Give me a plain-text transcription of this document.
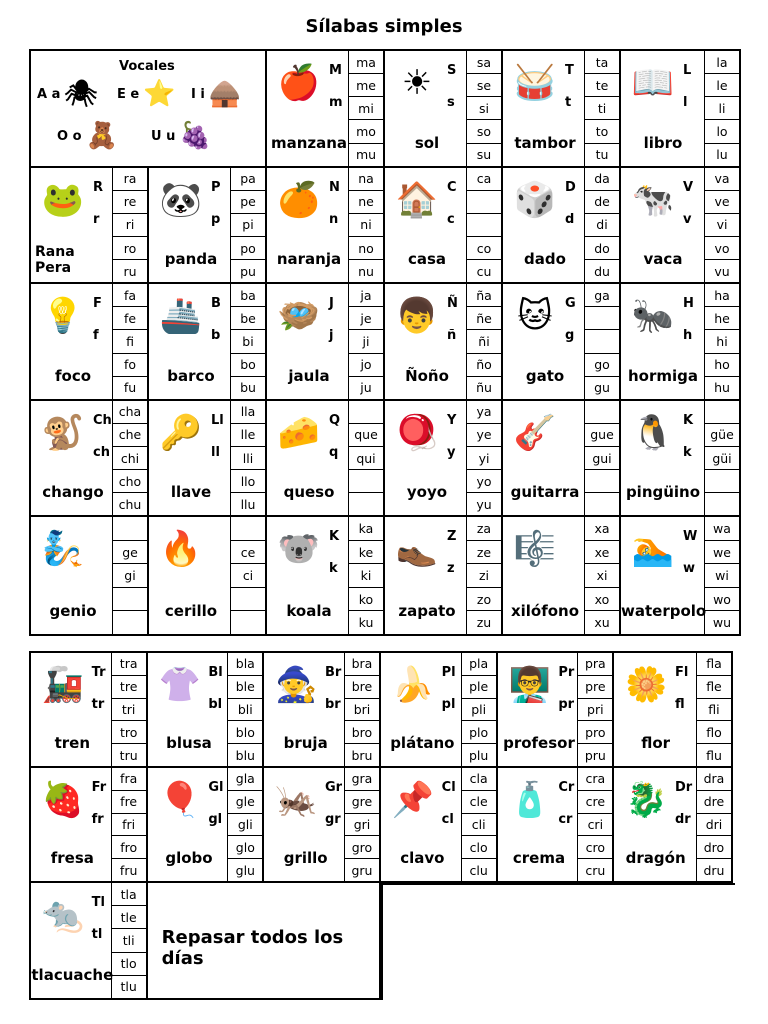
Sílabas simples
Vocales
A a 🕷 E e ⭐ I i 🛖
O o 🧸	U u 🍇
🍎 M
m
manzana
ma
me
mi
mo
mu
☀	S
s
sol
sa
se
si
so
su
🥁 T
t
tambor
ta
te
ti
to
tu
📖 L
l
libro
la
le
li
lo
lu
🐸 R
r
Rana
Pera
ra
re
ri
ro
ru
🐼 P
p
panda
pa
pe
pi
po
pu
🍊 N
n
naranja
na
ne
ni
no
nu
🏠 C
c
casa
ca
co
cu
🎲 D
d
dado
da
de
di
do
du
🐄 V
v
vaca
va
ve
vi
vo
vu
💡 F
f
foco
fa
fe
fi
fo
fu
🚢 B
b
barco
ba
be
bi
bo
bu
🪺 J
j
jaula
ja
je
ji
jo
ju
👦 Ñ
ñ
Ñoño
ña
ñe
ñi
ño
ñu
🐱 G
g
gato
ga
go
gu
🐜 H
h
hormiga
ha
he
hi
ho
hu
🐒 Ch
ch
chango
cha
che
chi
cho
chu
🔑 Ll
ll
llave
lla
lle
lli
llo
llu
🧀 Q
q
queso
que
qui
🪀 Y
y
yoyo
ya
ye
yi
yo
yu
🎸
guitarra
gue
gui
🐧 K
k
pingüino
güe
güi
🧞
genio
ge
gi
🔥
cerillo
ce
ci
🐨 K
k
koala
ka
ke
ki
ko
ku
👞 Z
z
zapato
za
ze
zi
zo
zu
🎼
xilófono
xa
xe
xi
xo
xu
🏊 W
w
waterpolo
wa
we
wi
wo
wu
🚂 Tr
tr
tren
tra
tre
tri
tro
tru
👚 Bl
bl
blusa
bla
ble
bli
blo
blu
🧙 Br
br
bruja
bra
bre
bri
bro
bru
🍌 Pl
pl
plátano
pla
ple
pli
plo
plu
👨‍🏫 Pr
pr
profesor
pra
pre
pri
pro
pru
🌼 Fl
fl
flor
fla
fle
fli
flo
flu
🍓 Fr
fr
fresa
fra
fre
fri
fro
fru
🎈 Gl
gl
globo
gla
gle
gli
glo
glu
🦗 Gr
gr
grillo
gra
gre
gri
gro
gru
📌 Cl
cl
clavo
cla
cle
cli
clo
clu
🧴 Cr
cr
crema
cra
cre
cri
cro
cru
🐉 Dr
dr
dragón
dra
dre
dri
dro
dru
🐀 Tl
tl
tlacuache
tla
tle
tli
tlo
tlu
Repasar todos los días
